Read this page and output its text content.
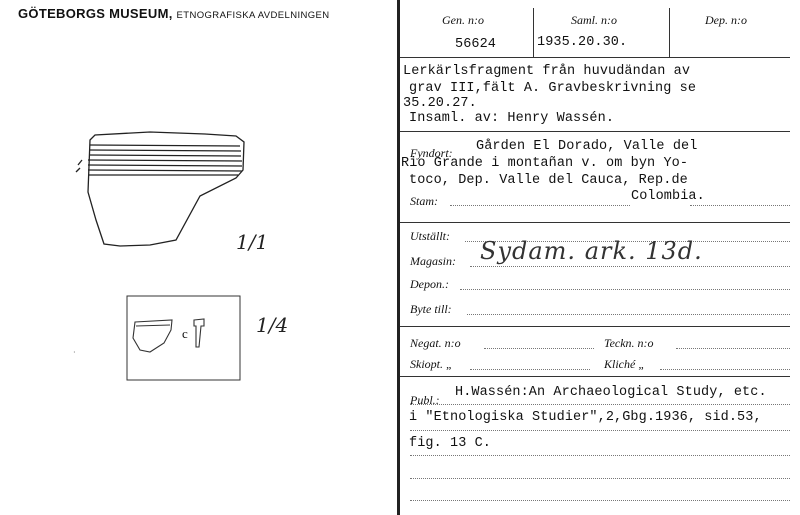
GÖTEBORGS MUSEUM, ETNOGRAFISKA AVDELNINGEN
·
1/1
1/4
c
Gen. n:o	Saml. n:o	Dep. n:o
56624	1935.20.30.
Lerkärlsfragment från huvudändan av
grav III,fält A. Gravbeskrivning se
35.20.27.
Insaml. av: Henry Wassén.
Fyndort: Gården El Dorado, Valle del
Rio Grande i montañan v. om byn Yo-
toco, Dep. Valle del Cauca, Rep.de
Stam:	Colombia.
Utställt:
Magasin: Sydam. ark. 13d.
Depon.:
Byte till:
Negat. n:o	Teckn. n:o
Skiopt. „	Kliché „
Publ.: H.Wassén:An Archaeological Study, etc.
i "Etnologiska Studier",2,Gbg.1936, sid.53,
fig. 13 C.
